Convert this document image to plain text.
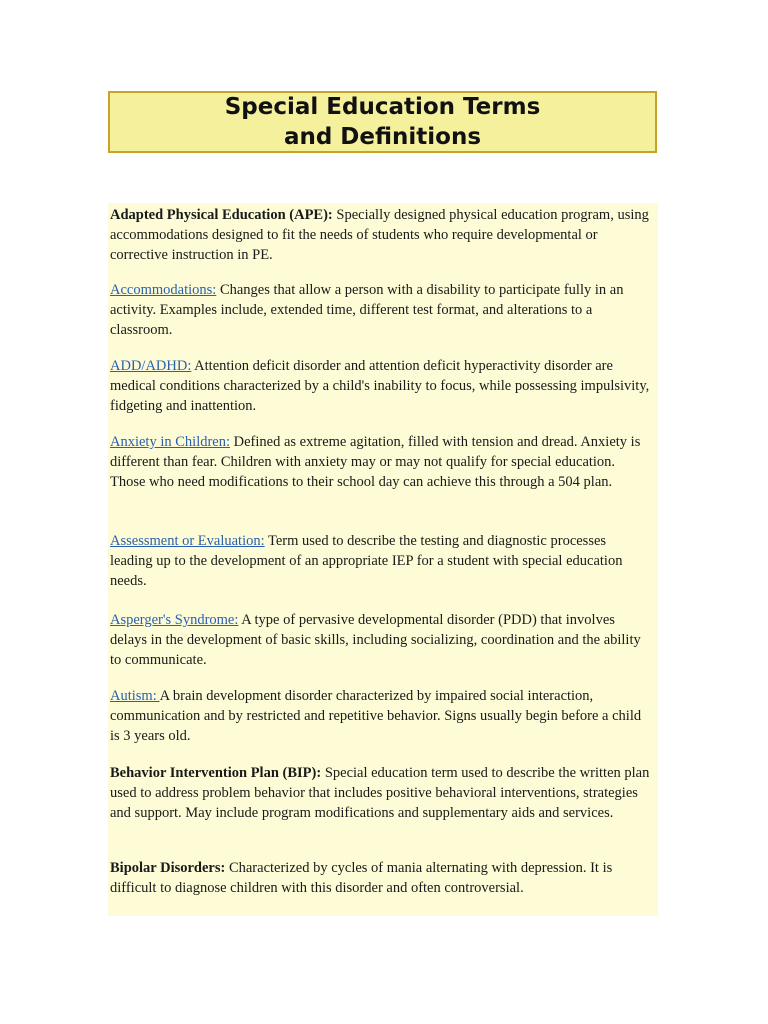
Special Education Terms

and Definitions

Adapted Physical Education (APE): Specially designed physical education program, using accommodations designed to fit the needs of students who require developmental or corrective instruction in PE.

Accommodations: Changes that allow a person with a disability to participate fully in an activity. Examples include, extended time, different test format, and alterations to a classroom.

ADD/ADHD: Attention deficit disorder and attention deficit hyperactivity disorder are medical conditions characterized by a child's inability to focus, while possessing impulsivity, fidgeting and inattention.

Anxiety in Children: Defined as extreme agitation, filled with tension and dread. Anxiety is different than fear. Children with anxiety may or may not qualify for special education. Those who need modifications to their school day can achieve this through a 504 plan.

Assessment or Evaluation: Term used to describe the testing and diagnostic processes leading up to the development of an appropriate IEP for a student with special education needs.

Asperger's Syndrome: A type of pervasive developmental disorder (PDD) that involves delays in the development of basic skills, including socializing, coordination and the ability to communicate.

Autism: A brain development disorder characterized by impaired social interaction, communication and by restricted and repetitive behavior. Signs usually begin before a child is 3 years old.

Behavior Intervention Plan (BIP): Special education term used to describe the written plan used to address problem behavior that includes positive behavioral interventions, strategies and support. May include program modifications and supplementary aids and services.

Bipolar Disorders: Characterized by cycles of mania alternating with depression. It is difficult to diagnose children with this disorder and often controversial.
